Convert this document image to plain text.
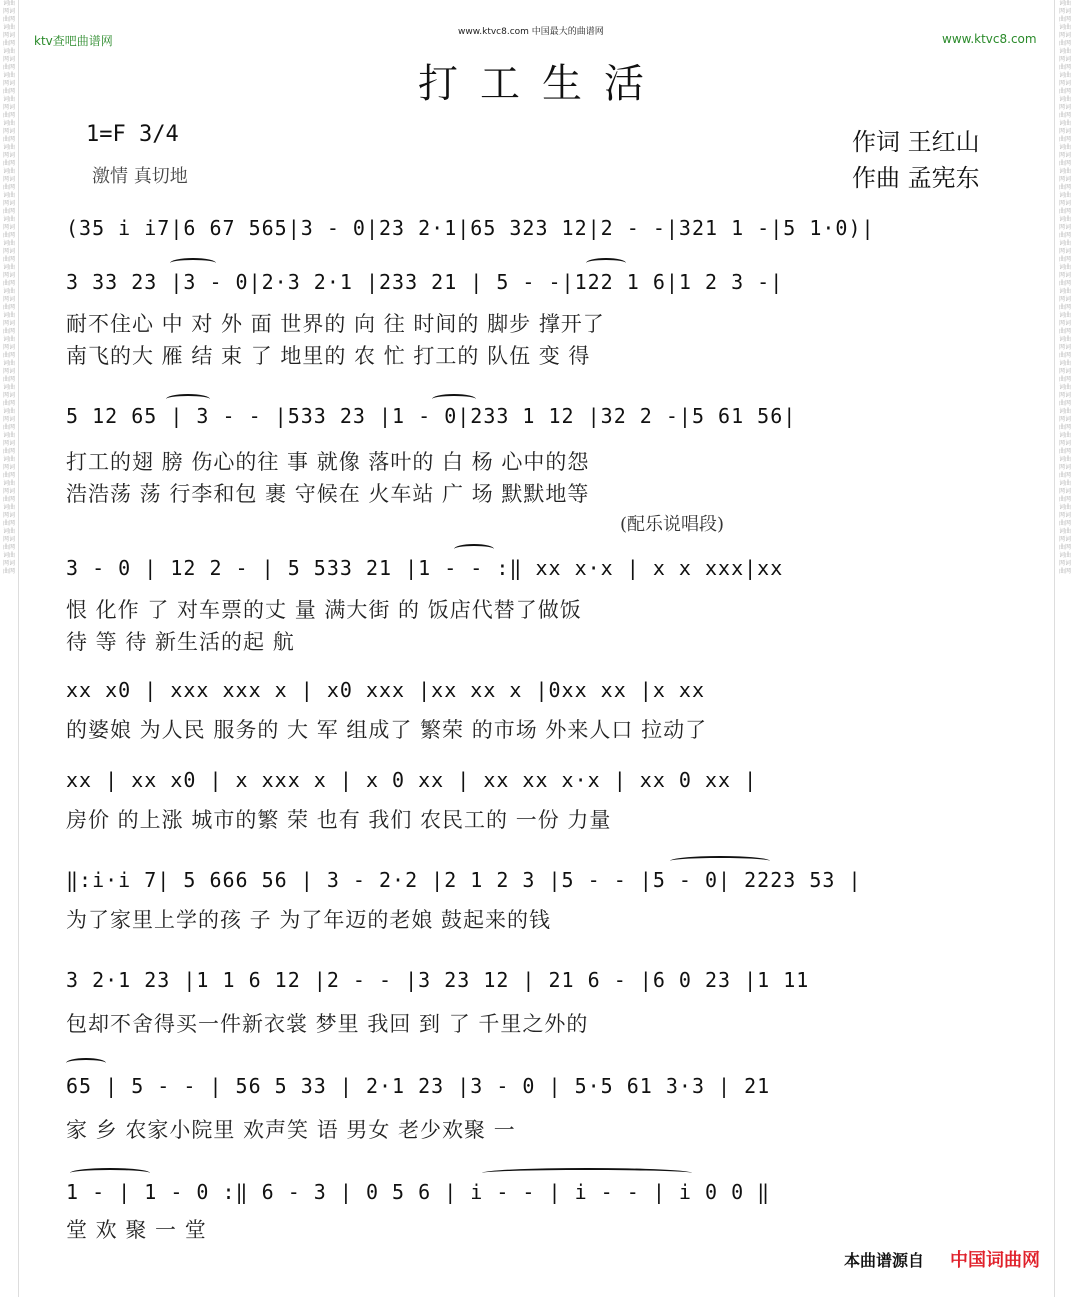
词曲网词曲网词曲网词曲网词曲网词曲网词曲网词曲网词曲网词曲网词曲网词曲网词曲网词曲网词曲网词曲网词曲网词曲网词曲网词曲网词曲网词曲网词曲网词曲网词曲网词曲网词曲网词曲网词曲网词曲网词曲网词曲网词曲网词曲网词曲网词曲网词曲网词曲网词曲网词曲网词曲网词曲网词曲网词曲网词曲网词曲网词曲网词曲网
词曲网词曲网词曲网词曲网词曲网词曲网词曲网词曲网词曲网词曲网词曲网词曲网词曲网词曲网词曲网词曲网词曲网词曲网词曲网词曲网词曲网词曲网词曲网词曲网词曲网词曲网词曲网词曲网词曲网词曲网词曲网词曲网词曲网词曲网词曲网词曲网词曲网词曲网词曲网词曲网词曲网词曲网词曲网词曲网词曲网词曲网词曲网词曲网
ktv查吧曲谱网
www.ktvc8.com 中国最大的曲谱网	www.ktvc8.com
打工生活
1=F 3/4
激情 真切地
作词 王红山
作曲 孟宪东
(35 i i7|6 67 565|3 - 0|23 2·1|65 323 12|2 - -|321 1 -|5 1·0)|
3 33 23 |3 - 0|2·3 2·1 |233 21 | 5 - -|122 1 6|1 2 3 -|
耐不住心 中 对 外 面 世界的 向 往 时间的 脚步 撑开了
南飞的大 雁 结 束 了 地里的 农 忙 打工的 队伍 变 得
5 12 65 | 3 - - |533 23 |1 - 0|233 1 12 |32 2 -|5 61 56|
打工的翅 膀 伤心的往 事 就像 落叶的 白 杨 心中的怨
浩浩荡 荡 行李和包 裹 守候在 火车站 广 场 默默地等
(配乐说唱段)
3 - 0 | 12 2 - | 5 533 21 |1 - - :‖ xx x·x | x x xxx|xx
恨 化作 了 对车票的丈 量 满大街 的 饭店代替了做饭
待 等 待 新生活的起 航
xx x0 | xxx xxx x | x0 xxx |xx xx x |0xx xx |x xx
的婆娘 为人民 服务的 大 军 组成了 繁荣 的市场 外来人口 拉动了
xx | xx x0 | x xxx x | x 0 xx | xx xx x·x | xx 0 xx |
房价 的上涨 城市的繁 荣 也有 我们 农民工的 一份 力量
‖:i·i 7| 5 666 56 | 3 - 2·2 |2 1 2 3 |5 - - |5 - 0| 2223 53 |
为了家里上学的孩 子 为了年迈的老娘 鼓起来的钱
3 2·1 23 |1 1 6 12 |2 - - |3 23 12 | 21 6 - |6 0 23 |1 11
包却不舍得买一件新衣裳 梦里 我回 到 了 千里之外的
65 | 5 - - | 56 5 33 | 2·1 23 |3 - 0 | 5·5 61 3·3 | 21
家 乡 农家小院里 欢声笑 语 男女 老少欢聚 一
1 - | 1 - 0 :‖ 6 - 3 | 0 5 6 | i - - | i - - | i 0 0 ‖
堂 欢 聚 一 堂
本曲谱源自 中国词曲网
